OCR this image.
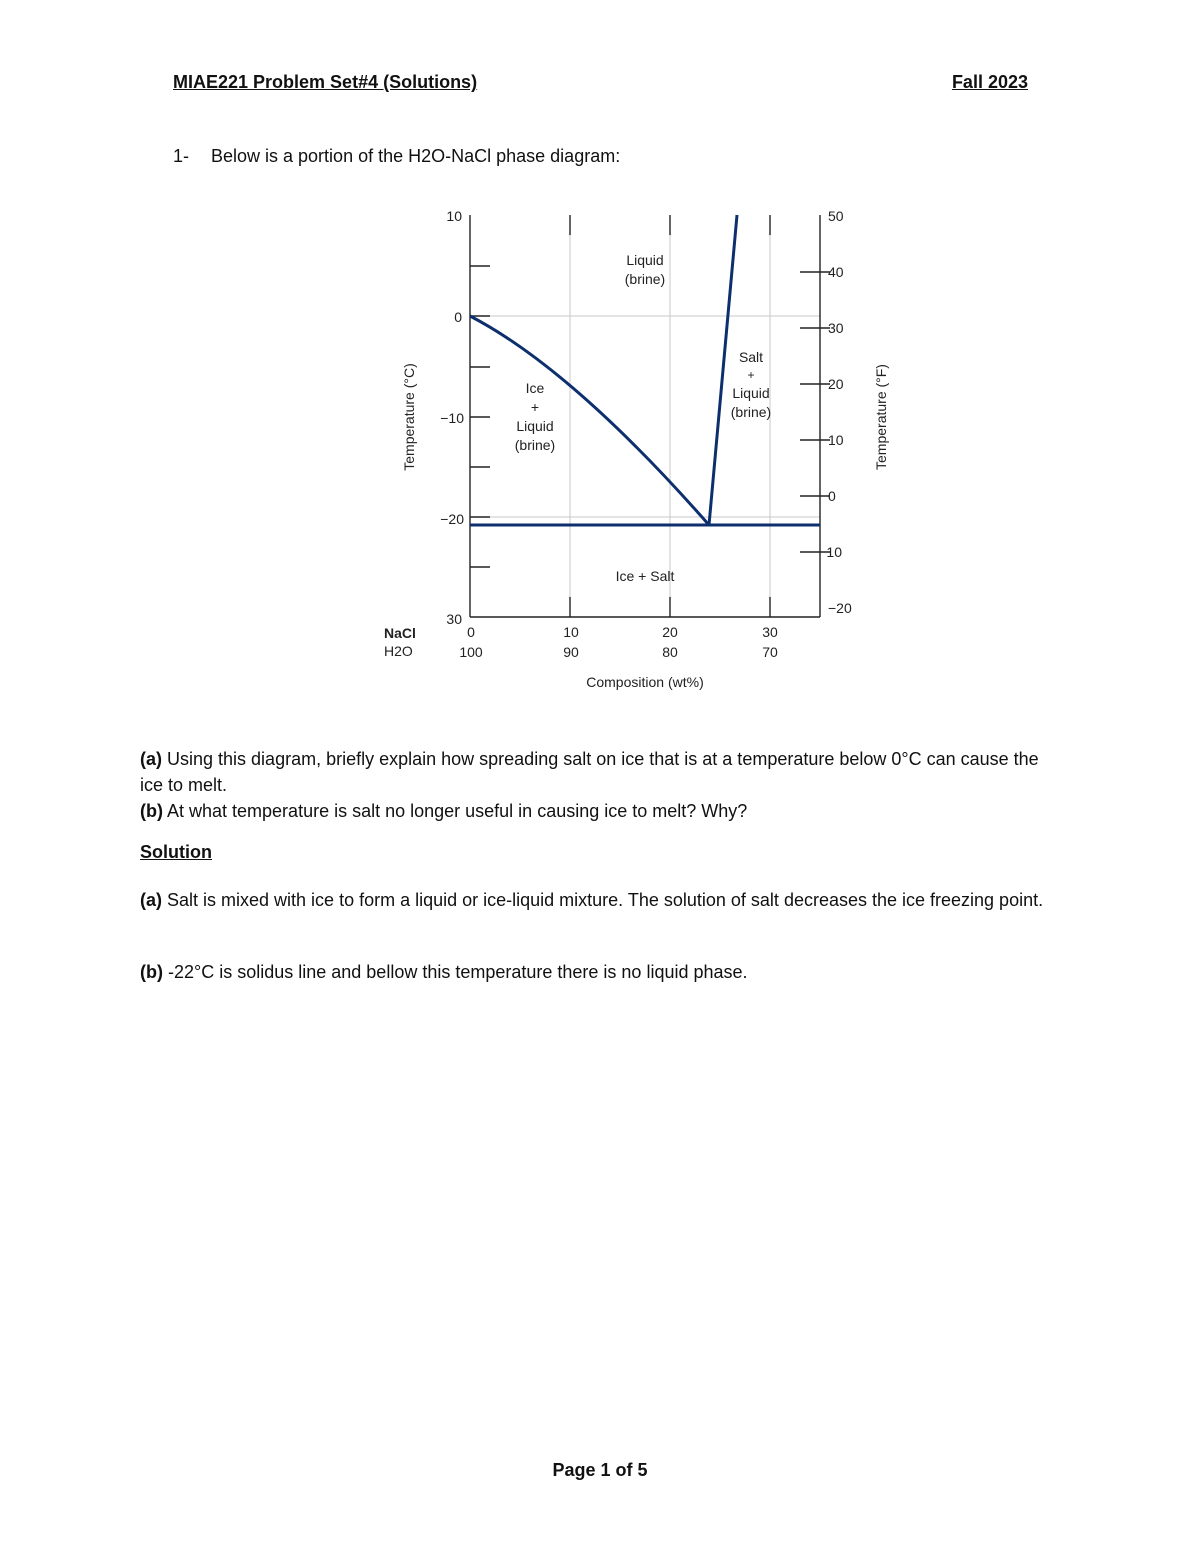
MIAE221 Problem Set#4 (Solutions)	Fall 2023
1- Below is a portion of the H2O-NaCl phase diagram:
10
0
−10
−20
30
Temperature (°C)
50
40
30
20
10
0
10
−20
Temperature (°F)
NaCl
H2O
0	10	20	30
100	90	80	70
Composition (wt%)
Liquid
(brine)
Ice
+
Liquid
(brine)
Salt
+
Liquid
(brine)
Ice + Salt
(a) Using this diagram, briefly explain how spreading salt on ice that is at a temperature below 0°C can cause the ice to melt.
(b) At what temperature is salt no longer useful in causing ice to melt? Why?
Solution
(a) Salt is mixed with ice to form a liquid or ice-liquid mixture. The solution of salt decreases the ice freezing point.
(b) -22°C is solidus line and bellow this temperature there is no liquid phase.
Page 1 of 5
